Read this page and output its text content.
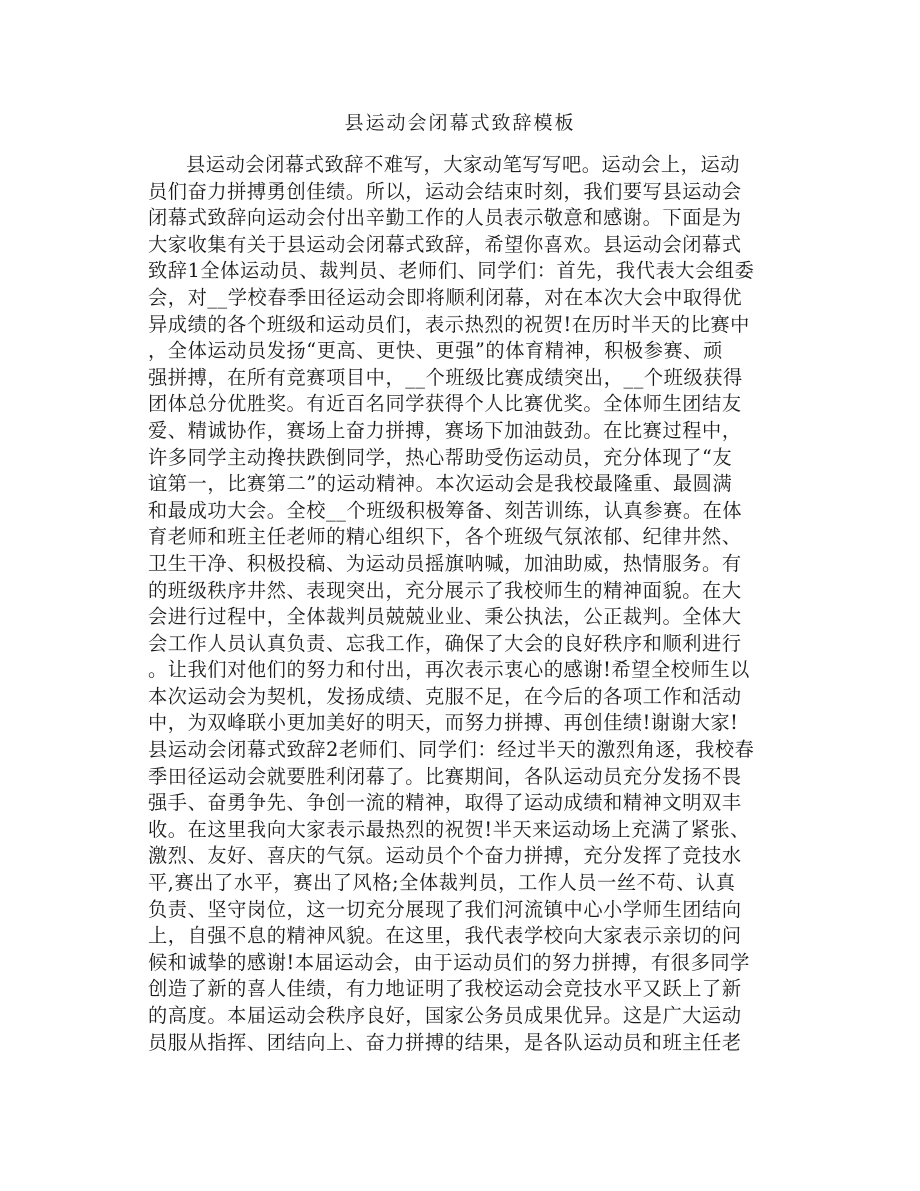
县运动会闭幕式致辞模板
县运动会闭幕式致辞不难写，大家动笔写写吧。运动会上，运动
员们奋力拼搏勇创佳绩。所以，运动会结束时刻，我们要写县运动会
闭幕式致辞向运动会付出辛勤工作的人员表示敬意和感谢。下面是为
大家收集有关于县运动会闭幕式致辞，希望你喜欢。县运动会闭幕式
致辞1全体运动员、裁判员、老师们、同学们：首先，我代表大会组委
会，对__学校春季田径运动会即将顺利闭幕，对在本次大会中取得优
异成绩的各个班级和运动员们，表示热烈的祝贺!在历时半天的比赛中
，全体运动员发扬“更高、更快、更强”的体育精神，积极参赛、顽
强拼搏，在所有竞赛项目中，__个班级比赛成绩突出，__个班级获得
团体总分优胜奖。有近百名同学获得个人比赛优奖。全体师生团结友
爱、精诚协作，赛场上奋力拼搏，赛场下加油鼓劲。在比赛过程中，
许多同学主动搀扶跌倒同学，热心帮助受伤运动员，充分体现了“友
谊第一，比赛第二”的运动精神。本次运动会是我校最隆重、最圆满
和最成功大会。全校__个班级积极筹备、刻苦训练，认真参赛。在体
育老师和班主任老师的精心组织下，各个班级气氛浓郁、纪律井然、
卫生干净、积极投稿、为运动员摇旗呐喊，加油助威，热情服务。有
的班级秩序井然、表现突出，充分展示了我校师生的精神面貌。在大
会进行过程中，全体裁判员兢兢业业、秉公执法，公正裁判。全体大
会工作人员认真负责、忘我工作，确保了大会的良好秩序和顺利进行
。让我们对他们的努力和付出，再次表示衷心的感谢!希望全校师生以
本次运动会为契机，发扬成绩、克服不足，在今后的各项工作和活动
中，为双峰联小更加美好的明天，而努力拼搏、再创佳绩!谢谢大家!
县运动会闭幕式致辞2老师们、同学们：经过半天的激烈角逐，我校春
季田径运动会就要胜利闭幕了。比赛期间，各队运动员充分发扬不畏
强手、奋勇争先、争创一流的精神，取得了运动成绩和精神文明双丰
收。在这里我向大家表示最热烈的祝贺!半天来运动场上充满了紧张、
激烈、友好、喜庆的气氛。运动员个个奋力拼搏，充分发挥了竞技水
平,赛出了水平，赛出了风格;全体裁判员，工作人员一丝不苟、认真
负责、坚守岗位，这一切充分展现了我们河流镇中心小学师生团结向
上，自强不息的精神风貌。在这里，我代表学校向大家表示亲切的问
候和诚挚的感谢!本届运动会，由于运动员们的努力拼搏，有很多同学
创造了新的喜人佳绩，有力地证明了我校运动会竞技水平又跃上了新
的高度。本届运动会秩序良好，国家公务员成果优异。这是广大运动
员服从指挥、团结向上、奋力拼搏的结果，是各队运动员和班主任老
